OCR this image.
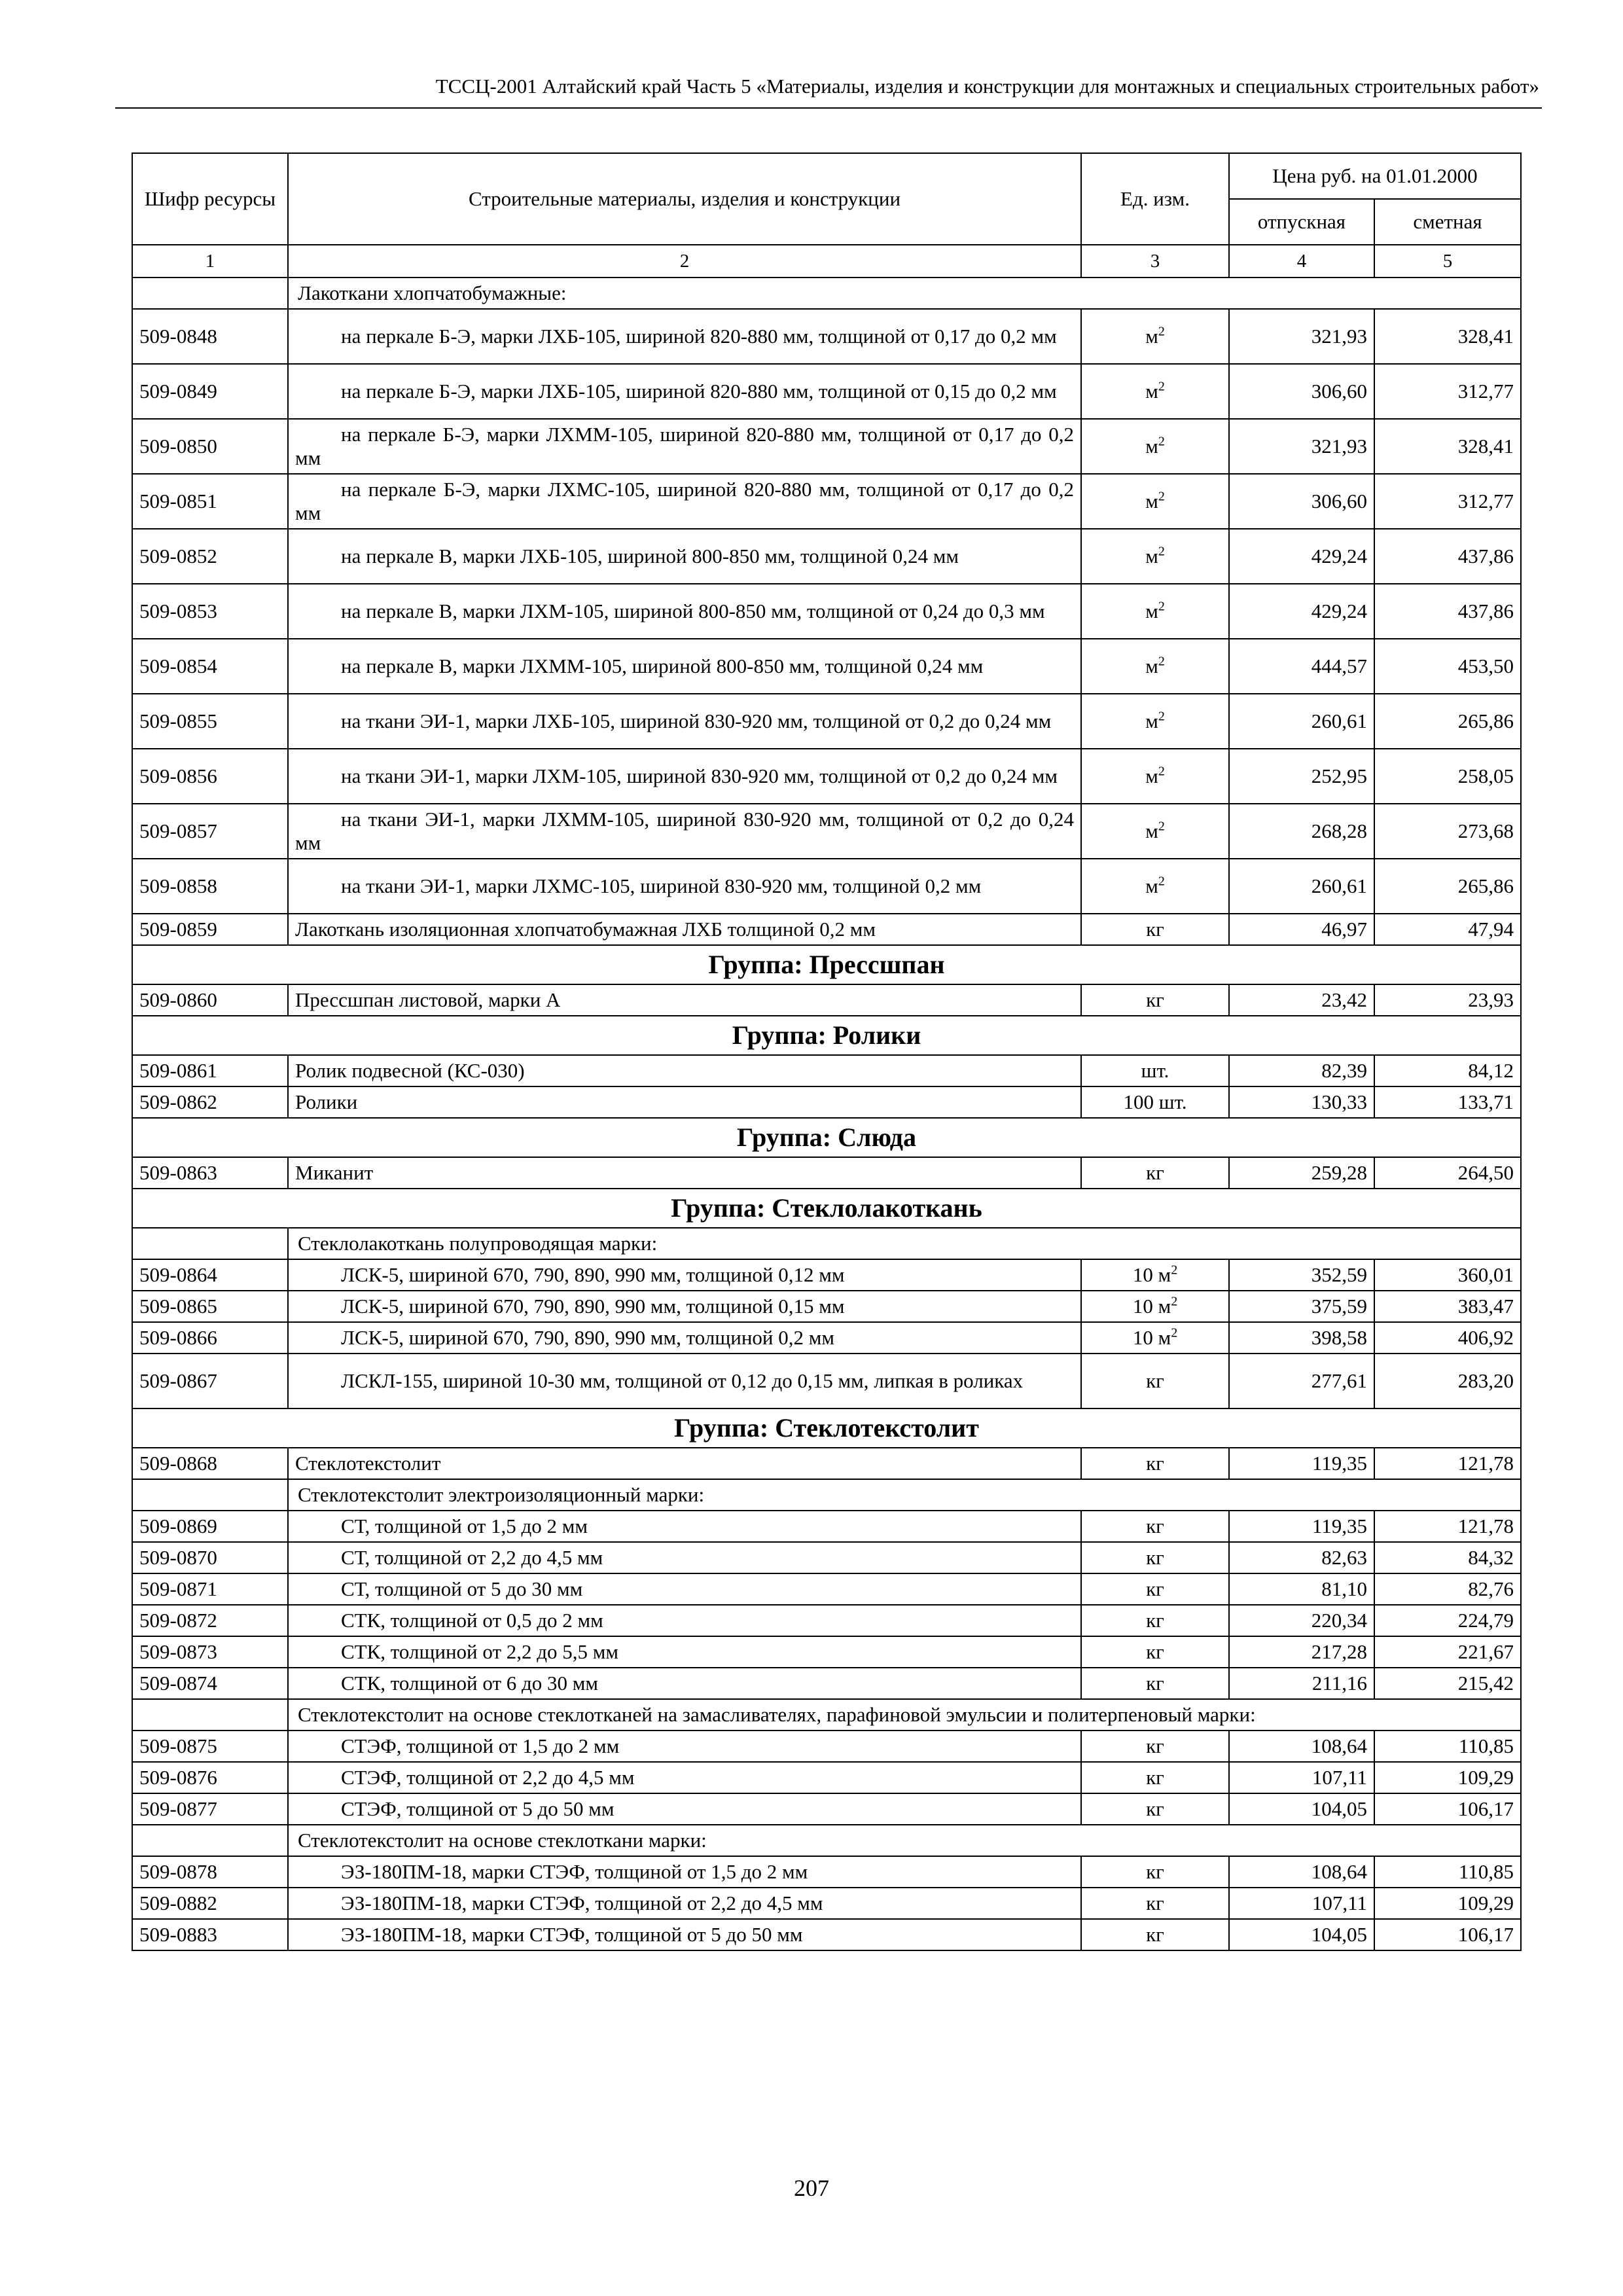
ТССЦ-2001 Алтайский край Часть 5 «Материалы, изделия и конструкции для монтажных и специальных строительных работ»
Шифр ресурсы	Строительные материалы, изделия и конструкции	Ед. изм.	Цена руб. на 01.01.2000	
			отпускная	сметная
1	2	3	4	5
	Лакоткани хлопчатобумажные:			
509-0848	на перкале Б-Э, марки ЛХБ-105, шириной 820-880 мм, толщиной от 0,17 до 0,2 мм	$м^2$	321,93	328,41
509-0849	на перкале Б-Э, марки ЛХБ-105, шириной 820-880 мм, толщиной от 0,15 до 0,2 мм	$м^2$	306,60	312,77
509-0850	на перкале Б-Э, марки ЛХММ-105, шириной 820-880 мм, толщиной от 0,17 до 0,2 мм	$м^2$	321,93	328,41
509-0851	на перкале Б-Э, марки ЛХМС-105, шириной 820-880 мм, толщиной от 0,17 до 0,2 мм	$м^2$	306,60	312,77
509-0852	на перкале В, марки ЛХБ-105, шириной 800-850 мм, толщиной 0,24 мм	$м^2$	429,24	437,86
509-0853	на перкале В, марки ЛХМ-105, шириной 800-850 мм, толщиной от 0,24 до 0,3 мм	$м^2$	429,24	437,86
509-0854	на перкале В, марки ЛХММ-105, шириной 800-850 мм, толщиной 0,24 мм	$м^2$	444,57	453,50
509-0855	на ткани ЭИ-1, марки ЛХБ-105, шириной 830-920 мм, толщиной от 0,2 до 0,24 мм	$м^2$	260,61	265,86
509-0856	на ткани ЭИ-1, марки ЛХМ-105, шириной 830-920 мм, толщиной от 0,2 до 0,24 мм	$м^2$	252,95	258,05
509-0857	на ткани ЭИ-1, марки ЛХММ-105, шириной 830-920 мм, толщиной от 0,2 до 0,24 мм	$м^2$	268,28	273,68
509-0858	на ткани ЭИ-1, марки ЛХМС-105, шириной 830-920 мм, толщиной 0,2 мм	$м^2$	260,61	265,86
509-0859	Лакоткань изоляционная хлопчатобумажная ЛХБ толщиной 0,2 мм	кг	46,97	47,94
Группа: Прессшпан				
509-0860	Прессшпан листовой, марки А	кг	23,42	23,93
Группа: Ролики				
509-0861	Ролик подвесной (КС-030)	шт.	82,39	84,12
509-0862	Ролики	100 шт.	130,33	133,71
Группа: Слюда				
509-0863	Миканит	кг	259,28	264,50
Группа: Стеклолакоткань				
	Стеклолакоткань полупроводящая марки:			
509-0864	ЛСК-5, шириной 670, 790, 890, 990 мм, толщиной 0,12 мм	10 $м^2$	352,59	360,01
509-0865	ЛСК-5, шириной 670, 790, 890, 990 мм, толщиной 0,15 мм	10 $м^2$	375,59	383,47
509-0866	ЛСК-5, шириной 670, 790, 890, 990 мм, толщиной 0,2 мм	10 $м^2$	398,58	406,92
509-0867	ЛСКЛ-155, шириной 10-30 мм, толщиной от 0,12 до 0,15 мм, липкая в роликах	кг	277,61	283,20
Группа: Стеклотекстолит				
509-0868	Стеклотекстолит	кг	119,35	121,78
	Стеклотекстолит электроизоляционный марки:			
509-0869	СТ, толщиной от 1,5 до 2 мм	кг	119,35	121,78
509-0870	СТ, толщиной от 2,2 до 4,5 мм	кг	82,63	84,32
509-0871	СТ, толщиной от 5 до 30 мм	кг	81,10	82,76
509-0872	СТК, толщиной от 0,5 до 2 мм	кг	220,34	224,79
509-0873	СТК, толщиной от 2,2 до 5,5 мм	кг	217,28	221,67
509-0874	СТК, толщиной от 6 до 30 мм	кг	211,16	215,42
	Стеклотекстолит на основе стеклотканей на замасливателях, парафиновой эмульсии и политерпеновый марки:			
509-0875	СТЭФ, толщиной от 1,5 до 2 мм	кг	108,64	110,85
509-0876	СТЭФ, толщиной от 2,2 до 4,5 мм	кг	107,11	109,29
509-0877	СТЭФ, толщиной от 5 до 50 мм	кг	104,05	106,17
	Стеклотекстолит на основе стеклоткани марки:			
509-0878	ЭЗ-180ПМ-18, марки СТЭФ, толщиной от 1,5 до 2 мм	кг	108,64	110,85
509-0882	ЭЗ-180ПМ-18, марки СТЭФ, толщиной от 2,2 до 4,5 мм	кг	107,11	109,29
509-0883	ЭЗ-180ПМ-18, марки СТЭФ, толщиной от 5 до 50 мм	кг	104,05	106,17
207
